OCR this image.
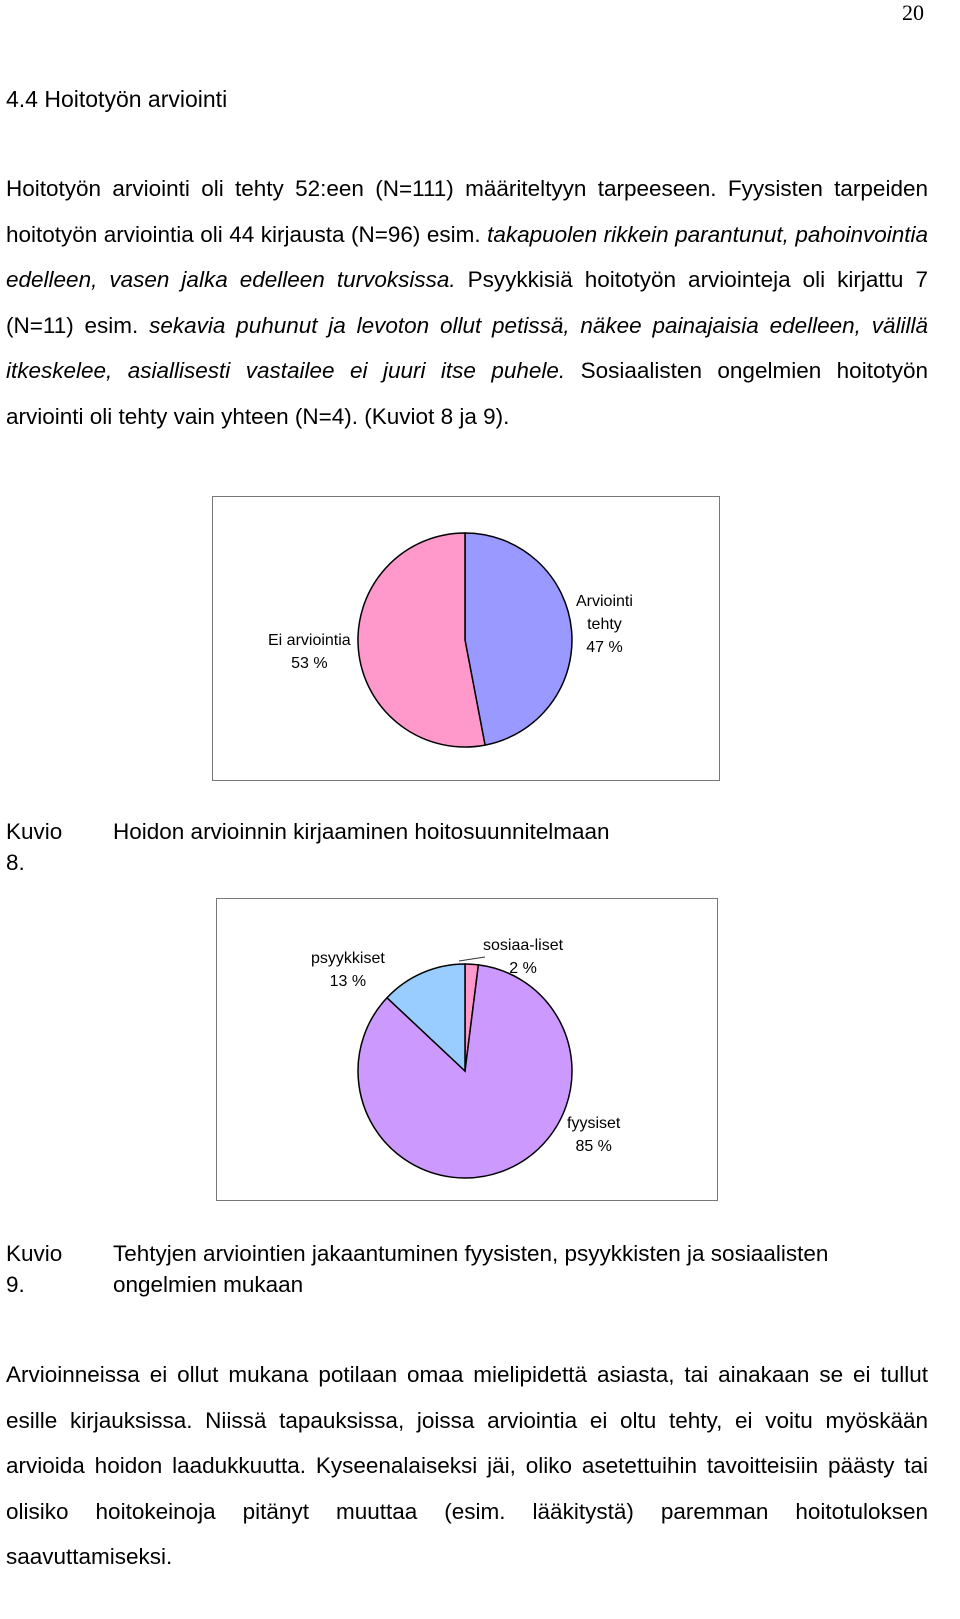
20
4.4 Hoitotyön arviointi

Hoitotyön arviointi oli tehty 52:een (N=111) määriteltyyn tarpeeseen. Fyysisten tarpeiden hoitotyön arviointia oli 44 kirjausta (N=96) esim. takapuolen rikkein parantunut, pahoinvointia edelleen, vasen jalka edelleen turvoksissa. Psyykkisiä hoitotyön arviointeja oli kirjattu 7 (N=11) esim. sekavia puhunut ja levoton ollut petissä, näkee painajaisia edelleen, välillä itkeskelee, asiallisesti vastailee ei juuri itse puhele. Sosiaalisten ongelmien hoitotyön arviointi oli tehty vain yhteen (N=4). (Kuviot 8 ja 9).

Arviointi
tehty
47 %
Ei arviointia
53 %
Kuvio 8.
Hoidon arvioinnin kirjaaminen hoitosuunnitelmaan
sosiaa-liset
2 %
psyykkiset
13 %
fyysiset
85 %
Kuvio 9.
Tehtyjen arviointien jakaantuminen fyysisten, psyykkisten ja sosiaalisten ongelmien mukaan

Arvioinneissa ei ollut mukana potilaan omaa mielipidettä asiasta, tai ainakaan se ei tullut esille kirjauksissa. Niissä tapauksissa, joissa arviointia ei oltu tehty, ei voitu myöskään arvioida hoidon laadukkuutta. Kyseenalaiseksi jäi, oliko asetettuihin tavoitteisiin päästy tai olisiko hoitokeinoja pitänyt muuttaa (esim. lääkitystä) paremman hoitotuloksen saavuttamiseksi.
